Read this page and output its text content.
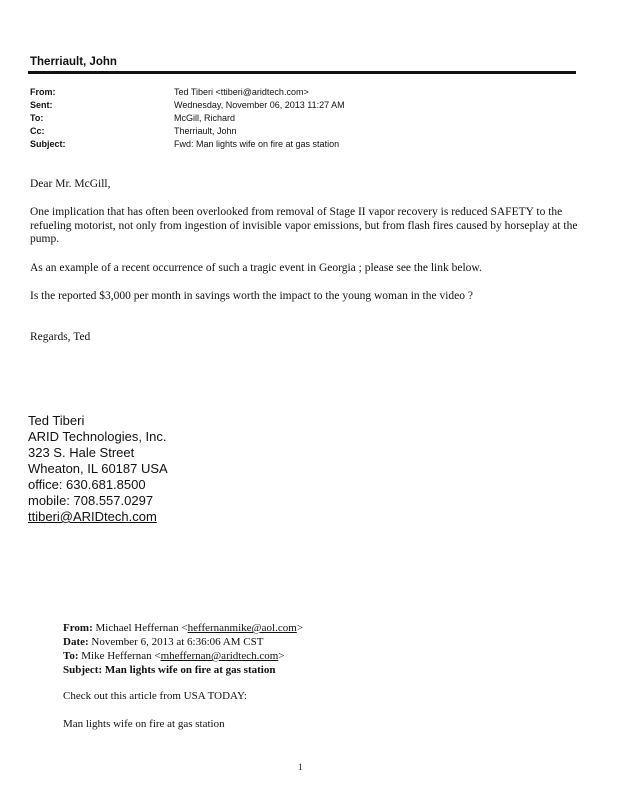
Therriault, John
From:	Ted Tiberi <ttiberi@aridtech.com>
Sent:	Wednesday, November 06, 2013 11:27 AM
To:	McGill, Richard
Cc:	Therriault, John
Subject:	Fwd: Man lights wife on fire at gas station
Dear Mr. McGill,
One implication that has often been overlooked from removal of Stage II vapor recovery is reduced SAFETY to the refueling motorist, not only from ingestion of invisible vapor emissions, but from flash fires caused by horseplay at the pump.
As an example of a recent occurrence of such a tragic event in Georgia ; please see the link below.
Is the reported $3,000 per month in savings worth the impact to the young woman in the video ?
Regards, Ted
Ted Tiberi
ARID Technologies, Inc.
323 S. Hale Street
Wheaton, IL 60187 USA
office: 630.681.8500
mobile: 708.557.0297
ttiberi@ARIDtech.com
From: Michael Heffernan <heffernanmike@aol.com>
Date: November 6, 2013 at 6:36:06 AM CST
To: Mike Heffernan <mheffernan@aridtech.com>
Subject: Man lights wife on fire at gas station
Check out this article from USA TODAY:
Man lights wife on fire at gas station
1
